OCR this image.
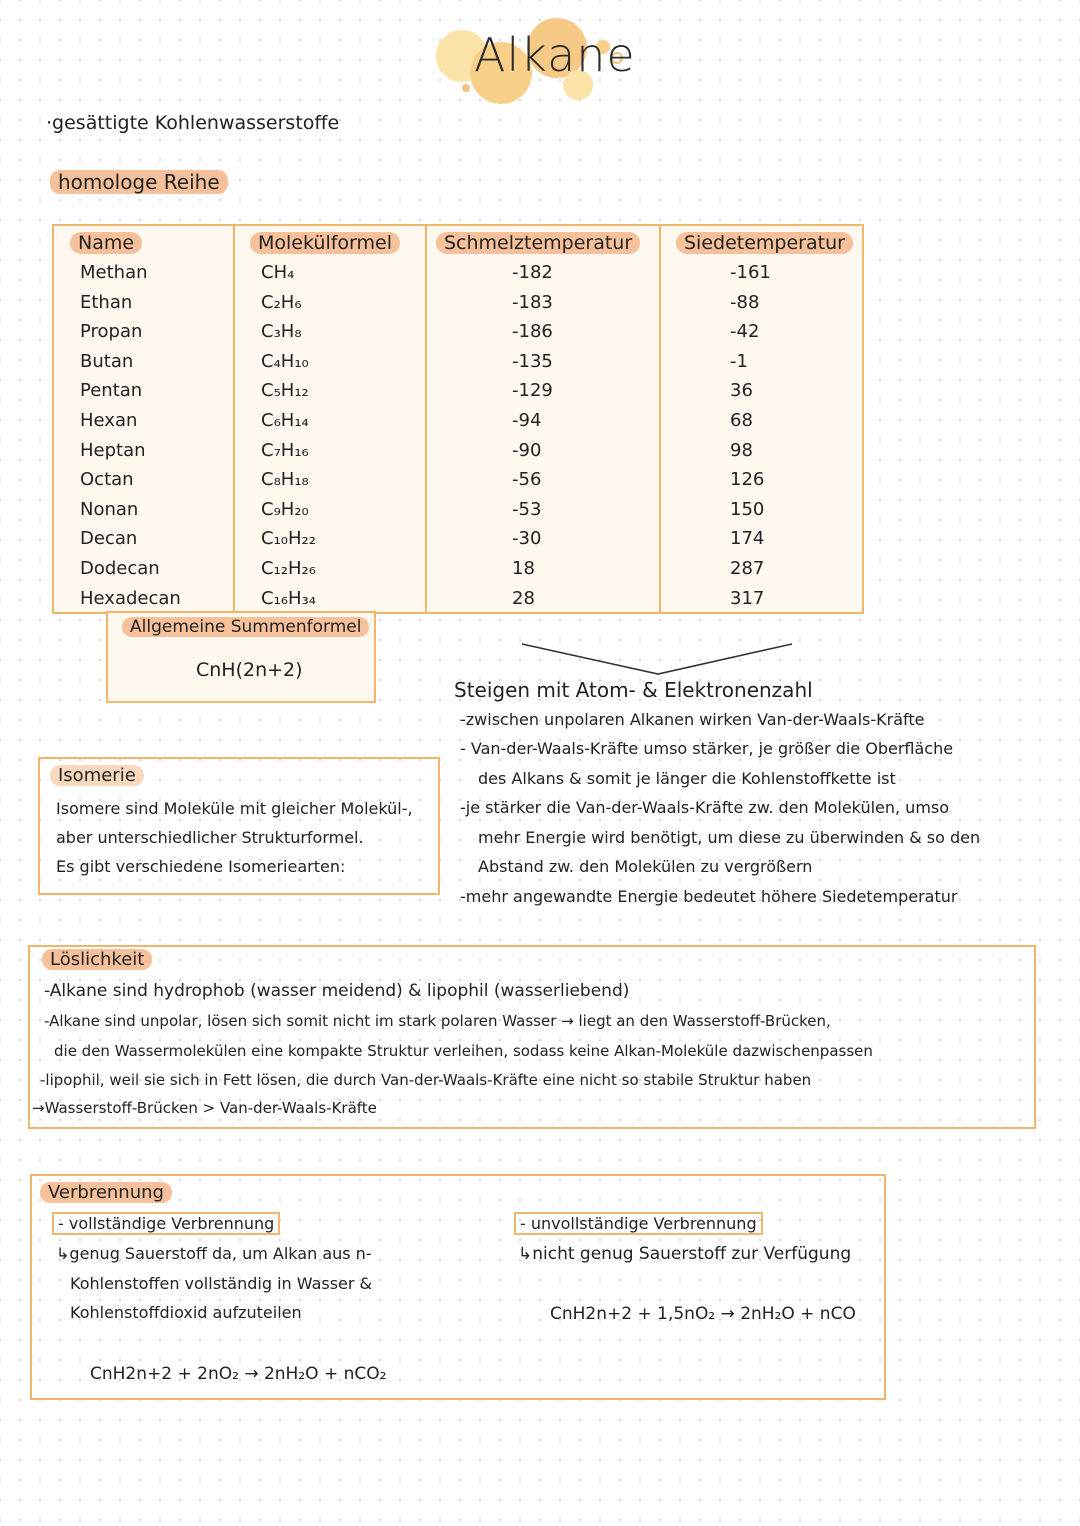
Alkane
·gesättigte Kohlenwasserstoffe
homologe Reihe
Name	Molekülformel	Schmelztemperatur	Siedetemperatur
Methan	CH₄	-182	-161
Ethan	C₂H₆	-183	-88
Propan	C₃H₈	-186	-42
Butan	C₄H₁₀	-135	-1
Pentan	C₅H₁₂	-129	36
Hexan	C₆H₁₄	-94	68
Heptan	C₇H₁₆	-90	98
Octan	C₈H₁₈	-56	126
Nonan	C₉H₂₀	-53	150
Decan	C₁₀H₂₂	-30	174
Dodecan	C₁₂H₂₆	18	287
Hexadecan	C₁₆H₃₄	28	317
Allgemeine Summenformel
CnH(2n+2)
Steigen mit Atom- & Elektronenzahl
-zwischen unpolaren Alkanen wirken Van-der-Waals-Kräfte
- Van-der-Waals-Kräfte umso stärker, je größer die Oberfläche
des Alkans & somit je länger die Kohlenstoffkette ist
-je stärker die Van-der-Waals-Kräfte zw. den Molekülen, umso
mehr Energie wird benötigt, um diese zu überwinden & so den
Abstand zw. den Molekülen zu vergrößern
-mehr angewandte Energie bedeutet höhere Siedetemperatur
Isomerie
Isomere sind Moleküle mit gleicher Molekül-,
aber unterschiedlicher Strukturformel.
Es gibt verschiedene Isomeriearten:
Löslichkeit
-Alkane sind hydrophob (wasser meidend) & lipophil (wasserliebend)
-Alkane sind unpolar, lösen sich somit nicht im stark polaren Wasser → liegt an den Wasserstoff-Brücken,
die den Wassermolekülen eine kompakte Struktur verleihen, sodass keine Alkan-Moleküle dazwischenpassen
-lipophil, weil sie sich in Fett lösen, die durch Van-der-Waals-Kräfte eine nicht so stabile Struktur haben
→Wasserstoff-Brücken > Van-der-Waals-Kräfte
Verbrennung
- vollständige Verbrennung
↳genug Sauerstoff da, um Alkan aus n-
Kohlenstoffen vollständig in Wasser &
Kohlenstoffdioxid aufzuteilen
CnH2n+2 + 2nO₂ → 2nH₂O + nCO₂
- unvollständige Verbrennung
↳nicht genug Sauerstoff zur Verfügung
CnH2n+2 + 1,5nO₂ → 2nH₂O + nCO
